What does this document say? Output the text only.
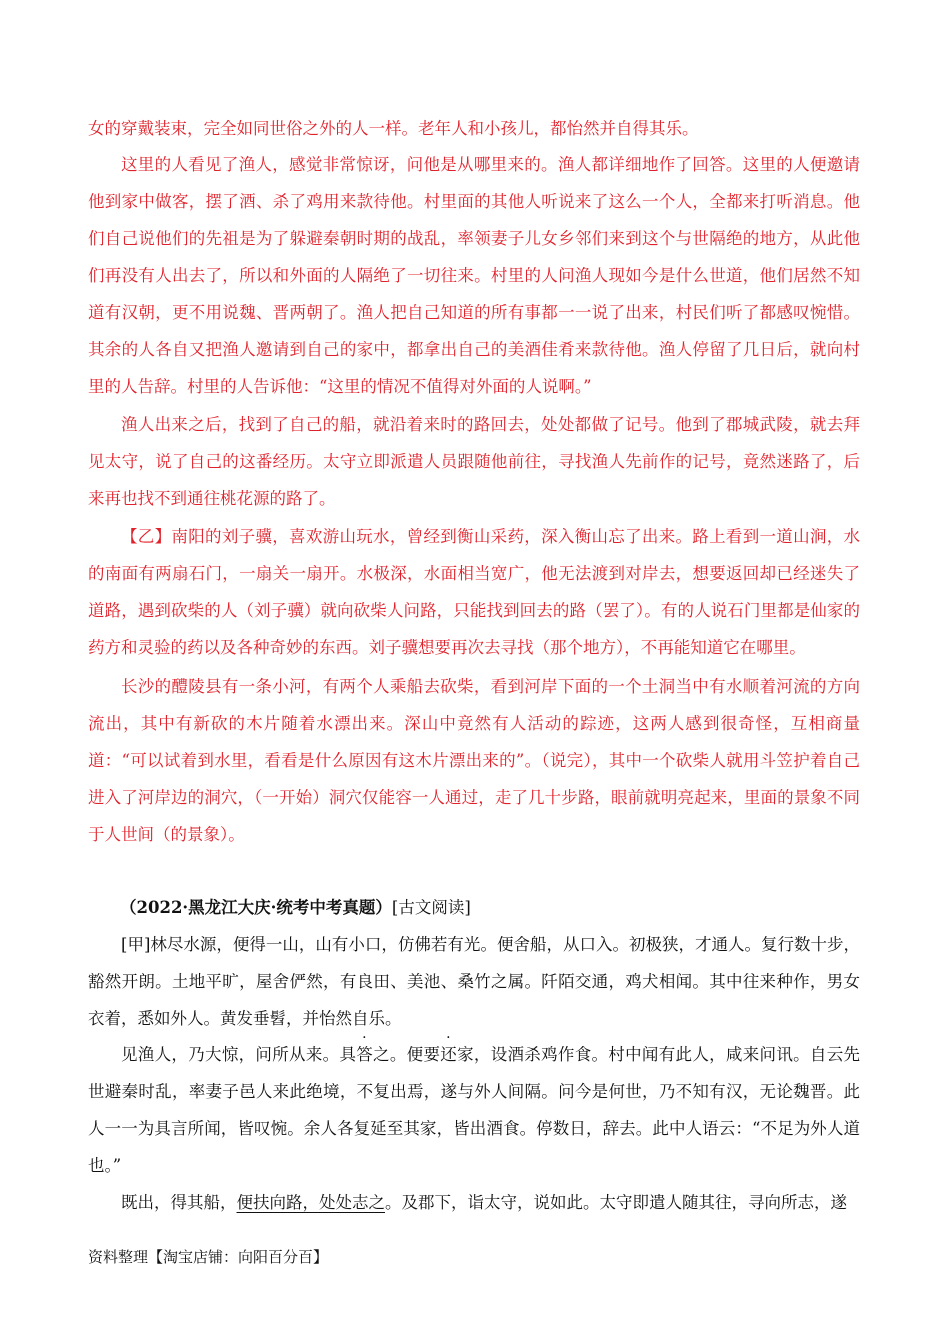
女的穿戴装束，完全如同世俗之外的人一样。老年人和小孩儿，都怡然并自得其乐。

这里的人看见了渔人，感觉非常惊讶，问他是从哪里来的。渔人都详细地作了回答。这里的人便邀请他到家中做客，摆了酒、杀了鸡用来款待他。村里面的其他人听说来了这么一个人，全都来打听消息。他们自己说他们的先祖是为了躲避秦朝时期的战乱，率领妻子儿女乡邻们来到这个与世隔绝的地方，从此他们再没有人出去了，所以和外面的人隔绝了一切往来。村里的人问渔人现如今是什么世道，他们居然不知道有汉朝，更不用说魏、晋两朝了。渔人把自己知道的所有事都一一说了出来，村民们听了都感叹惋惜。其余的人各自又把渔人邀请到自己的家中，都拿出自己的美酒佳肴来款待他。渔人停留了几日后，就向村里的人告辞。村里的人告诉他：“这里的情况不值得对外面的人说啊。”

渔人出来之后，找到了自己的船，就沿着来时的路回去，处处都做了记号。他到了郡城武陵，就去拜见太守，说了自己的这番经历。太守立即派遣人员跟随他前往，寻找渔人先前作的记号，竟然迷路了，后来再也找不到通往桃花源的路了。

【乙】南阳的刘子骥，喜欢游山玩水，曾经到衡山采药，深入衡山忘了出来。路上看到一道山涧，水的南面有两扇石门，一扇关一扇开。水极深，水面相当宽广，他无法渡到对岸去，想要返回却已经迷失了道路，遇到砍柴的人（刘子骥）就向砍柴人问路，只能找到回去的路（罢了）。有的人说石门里都是仙家的药方和灵验的药以及各种奇妙的东西。刘子骥想要再次去寻找（那个地方），不再能知道它在哪里。

长沙的醴陵县有一条小河，有两个人乘船去砍柴，看到河岸下面的一个土洞当中有水顺着河流的方向流出，其中有新砍的木片随着水漂出来。深山中竟然有人活动的踪迹，这两人感到很奇怪，互相商量道：“可以试着到水里，看看是什么原因有这木片漂出来的”。（说完），其中一个砍柴人就用斗笠护着自己进入了河岸边的洞穴，（一开始）洞穴仅能容一人通过，走了几十步路，眼前就明亮起来，里面的景象不同于人世间（的景象）。

（2022·黑龙江大庆·统考中考真题）[古文阅读]

[甲]林尽水源，便得一山，山有小口，仿佛若有光。便舍船，从口入。初极狭，才通人。复行数十步，豁然开朗。土地平旷，屋舍俨然，有良田、美池、桑竹之属。阡陌交通，鸡犬相闻。其中往来种作，男女衣着，悉如外人。黄发垂髫，并怡然自乐。

见渔人，乃大惊，问所从来。具答之。便要还家，设酒杀鸡作食。村中闻有此人，咸来问讯。自云先世避秦时乱，率妻子邑人来此绝境，不复出焉，遂与外人间隔。问今是何世，乃不知有汉，无论魏晋。此人一一为具言所闻，皆叹惋。余人各复延至其家，皆出酒食。停数日，辞去。此中人语云：“不足为外人道也。”

既出，得其船，便扶向路，处处志之。及郡下，诣太守，说如此。太守即遣人随其往，寻向所志，遂

资料整理【淘宝店铺：向阳百分百】
